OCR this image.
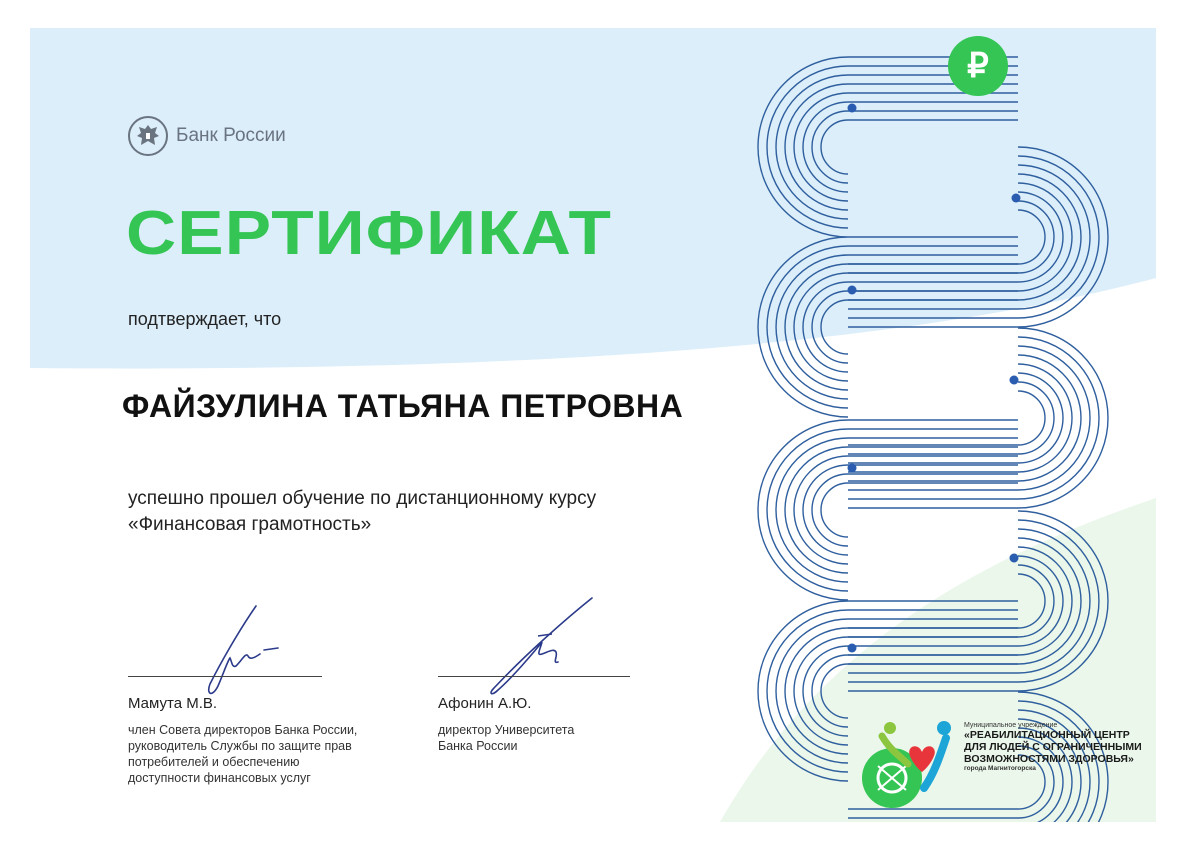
₽
Банк России
СЕРТИФИКАТ
подтверждает, что
ФАЙЗУЛИНА ТАТЬЯНА ПЕТРОВНА
успешно прошел обучение по дистанционному курсу
«Финансовая грамотность»
Мамута М.В.
член Совета директоров Банка России,
руководитель Службы по защите прав
потребителей и обеспечению
доступности финансовых услуг
Афонин А.Ю.
директор Университета
Банка России
Муниципальное учреждение
«РЕАБИЛИТАЦИОННЫЙ ЦЕНТР
ДЛЯ ЛЮДЕЙ С ОГРАНИЧЕННЫМИ
ВОЗМОЖНОСТЯМИ ЗДОРОВЬЯ»
города Магнитогорска
